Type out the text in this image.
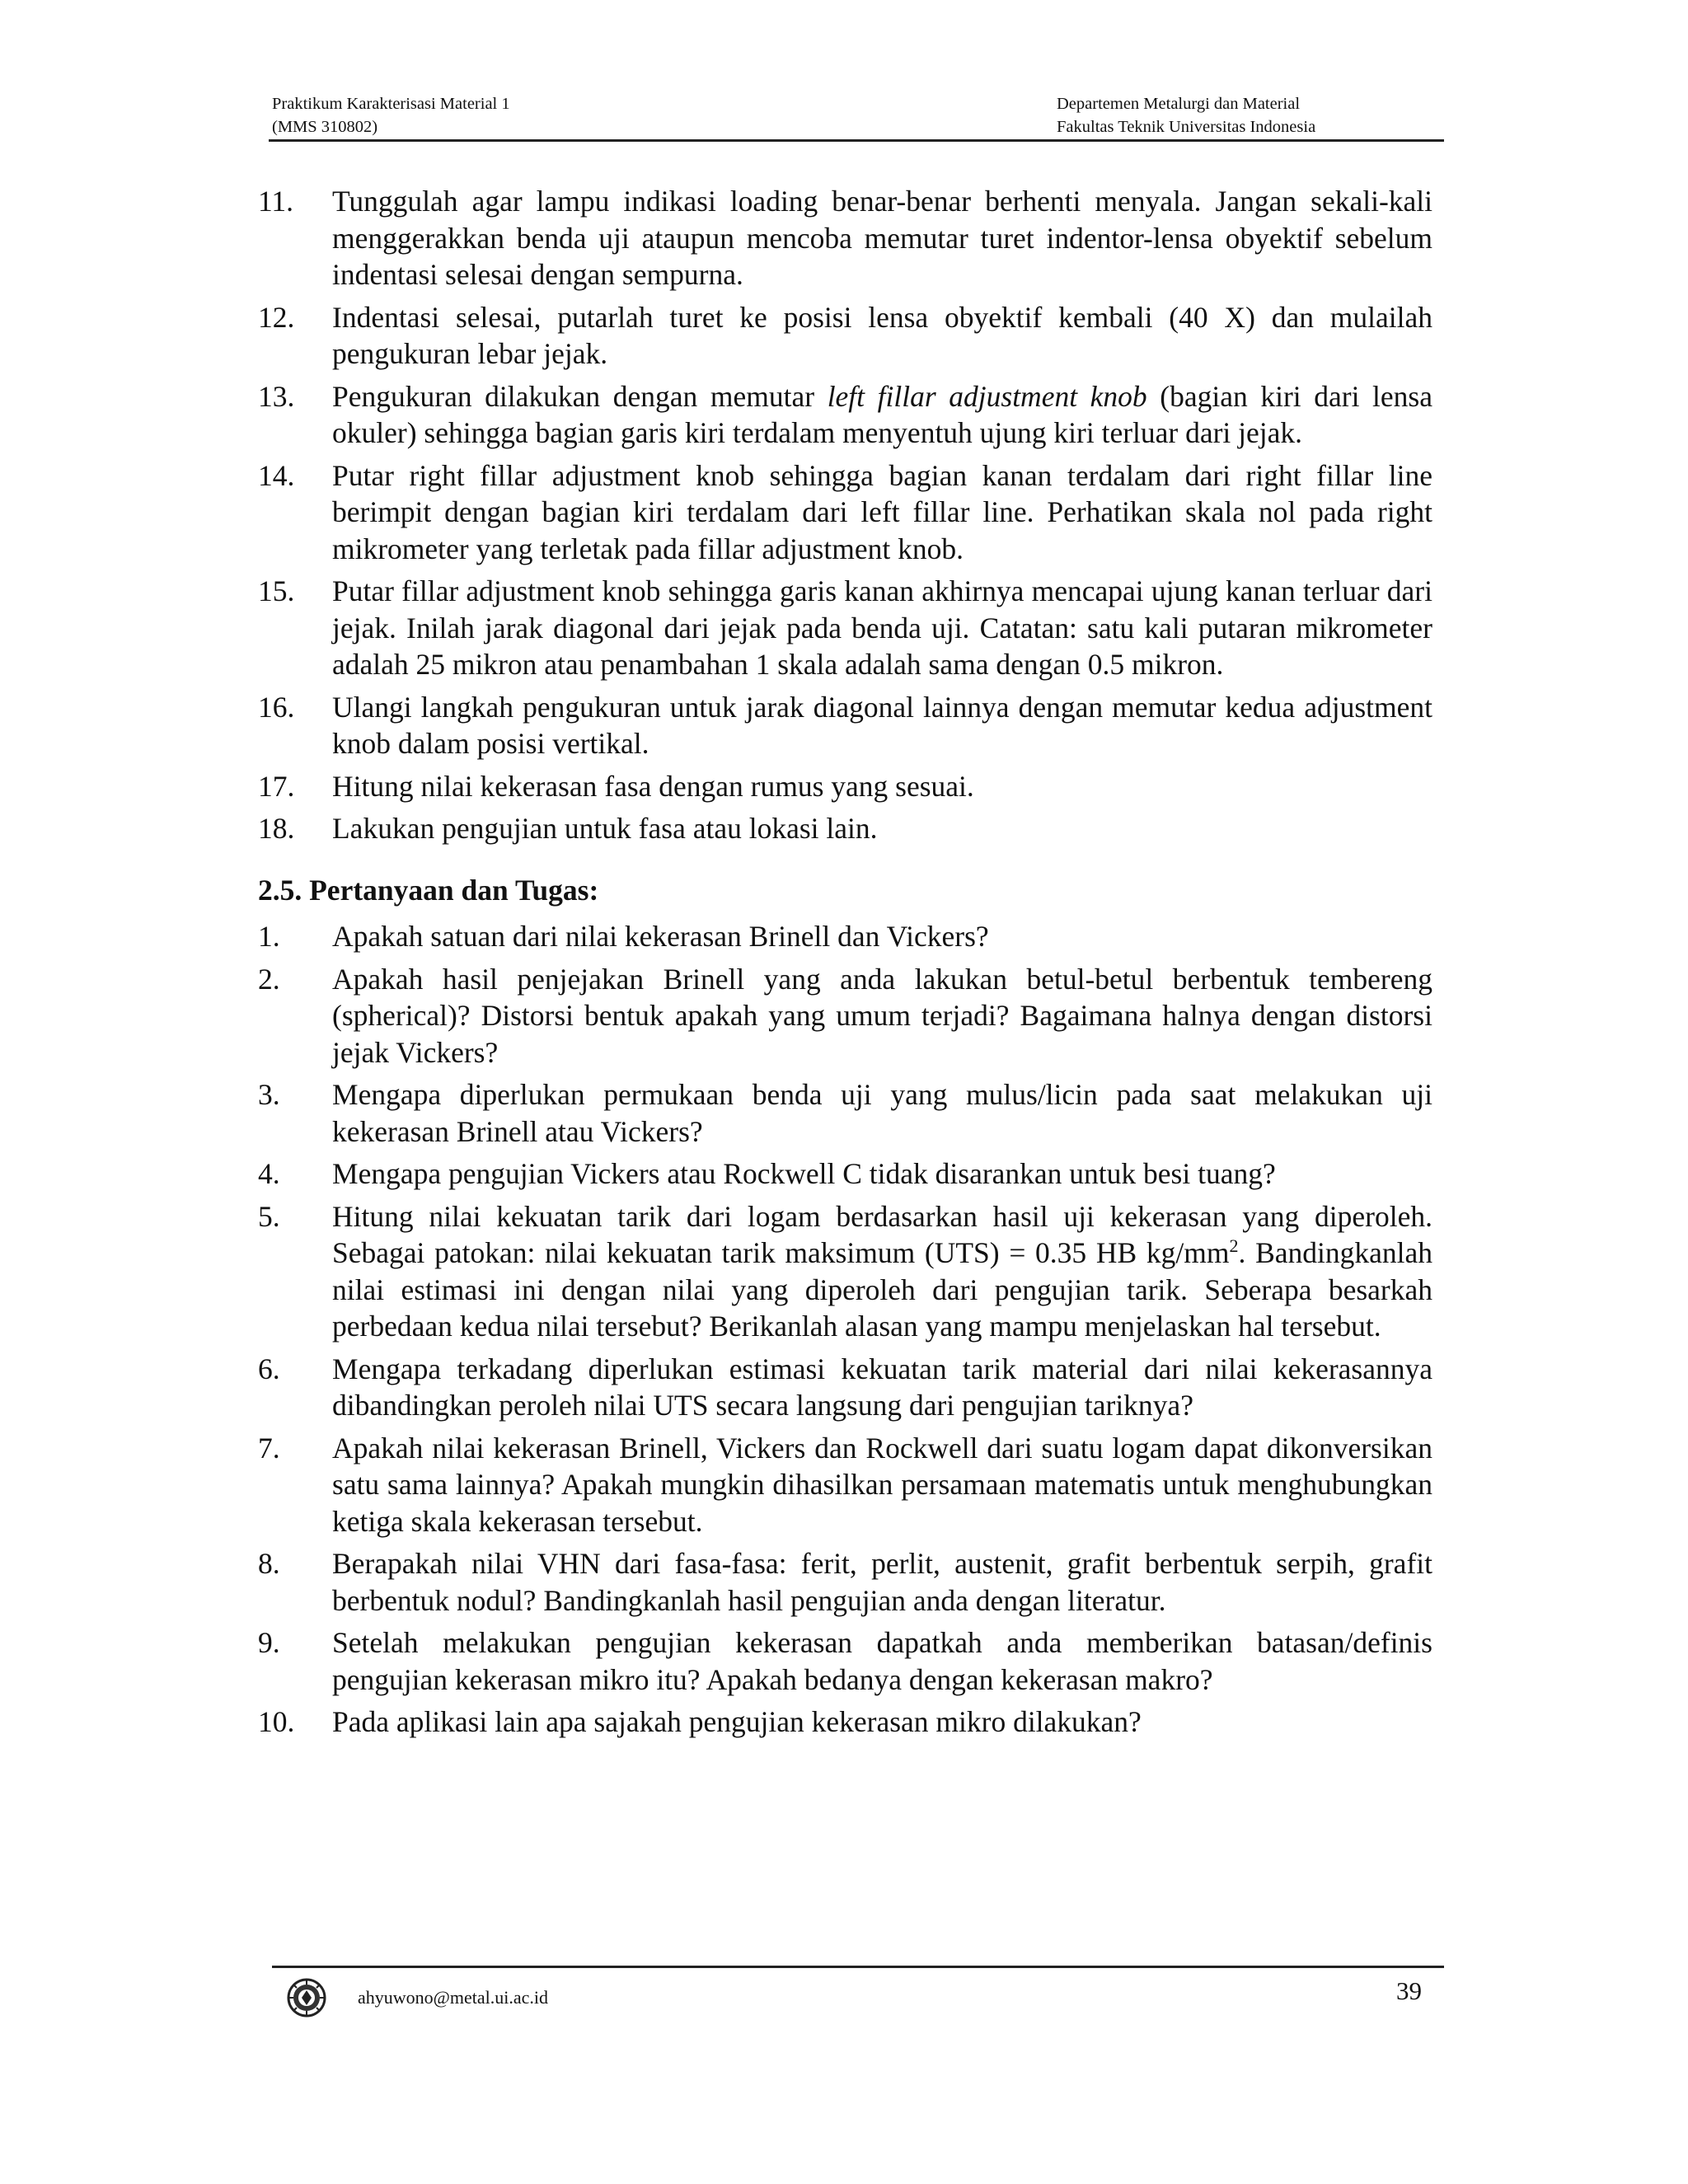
Praktikum Karakterisasi Material 1
(MMS 310802)
Departemen Metalurgi dan Material
Fakultas Teknik Universitas Indonesia
11. Tunggulah agar lampu indikasi loading benar-benar berhenti menyala. Jangan sekali-kali menggerakkan benda uji ataupun mencoba memutar turet indentor-lensa obyektif sebelum indentasi selesai dengan sempurna.
12. Indentasi selesai, putarlah turet ke posisi lensa obyektif kembali (40 X) dan mulailah pengukuran lebar jejak.
13. Pengukuran dilakukan dengan memutar left fillar adjustment knob (bagian kiri dari lensa okuler) sehingga bagian garis kiri terdalam menyentuh ujung kiri terluar dari jejak.
14. Putar right fillar adjustment knob sehingga bagian kanan terdalam dari right fillar line berimpit dengan bagian kiri terdalam dari left fillar line. Perhatikan skala nol pada right mikrometer yang terletak pada fillar adjustment knob.
15. Putar fillar adjustment knob sehingga garis kanan akhirnya mencapai ujung kanan terluar dari jejak. Inilah jarak diagonal dari jejak pada benda uji. Catatan: satu kali putaran mikrometer adalah 25 mikron atau penambahan 1 skala adalah sama dengan 0.5 mikron.
16. Ulangi langkah pengukuran untuk jarak diagonal lainnya dengan memutar kedua adjustment knob dalam posisi vertikal.
17. Hitung nilai kekerasan fasa dengan rumus yang sesuai.
18. Lakukan pengujian untuk fasa atau lokasi lain.
2.5. Pertanyaan dan Tugas:
1. Apakah satuan dari nilai kekerasan Brinell dan Vickers?
2. Apakah hasil penjejakan Brinell yang anda lakukan betul-betul berbentuk tembereng (spherical)? Distorsi bentuk apakah yang umum terjadi? Bagaimana halnya dengan distorsi jejak Vickers?
3. Mengapa diperlukan permukaan benda uji yang mulus/licin pada saat melakukan uji kekerasan Brinell atau Vickers?
4. Mengapa pengujian Vickers atau Rockwell C tidak disarankan untuk besi tuang?
5. Hitung nilai kekuatan tarik dari logam berdasarkan hasil uji kekerasan yang diperoleh. Sebagai patokan: nilai kekuatan tarik maksimum (UTS) = 0.35 HB $kg/mm^2$. Bandingkanlah nilai estimasi ini dengan nilai yang diperoleh dari pengujian tarik. Seberapa besarkah perbedaan kedua nilai tersebut? Berikanlah alasan yang mampu menjelaskan hal tersebut.
6. Mengapa terkadang diperlukan estimasi kekuatan tarik material dari nilai kekerasannya dibandingkan peroleh nilai UTS secara langsung dari pengujian tariknya?
7. Apakah nilai kekerasan Brinell, Vickers dan Rockwell dari suatu logam dapat dikonversikan satu sama lainnya? Apakah mungkin dihasilkan persamaan matematis untuk menghubungkan ketiga skala kekerasan tersebut.
8. Berapakah nilai VHN dari fasa-fasa: ferit, perlit, austenit, grafit berbentuk serpih, grafit berbentuk nodul? Bandingkanlah hasil pengujian anda dengan literatur.
9. Setelah melakukan pengujian kekerasan dapatkah anda memberikan batasan/definis pengujian kekerasan mikro itu? Apakah bedanya dengan kekerasan makro?
10. Pada aplikasi lain apa sajakah pengujian kekerasan mikro dilakukan?
ahyuwono@metal.ui.ac.id	39
